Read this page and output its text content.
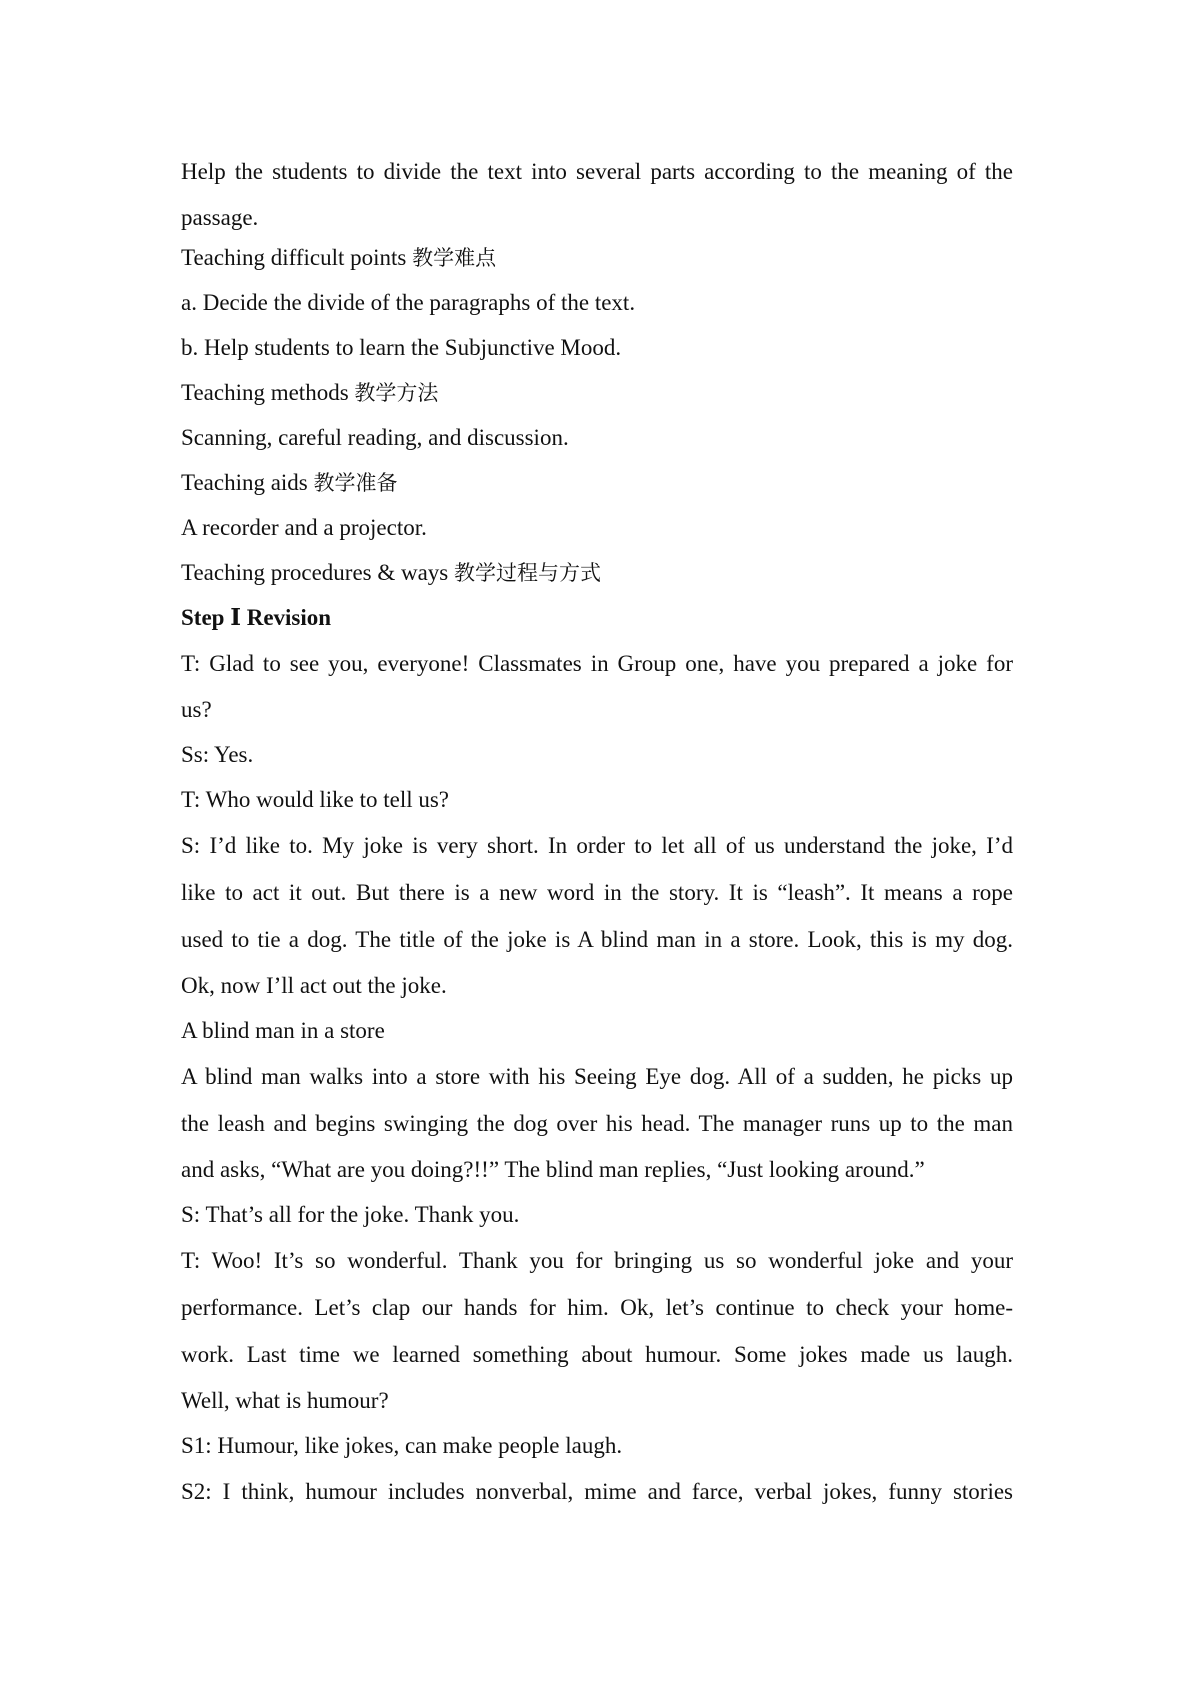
Help the students to divide the text into several parts according to the meaning of the
passage.
Teaching difficult points 教学难点
a. Decide the divide of the paragraphs of the text.
b. Help students to learn the Subjunctive Mood.
Teaching methods 教学方法
Scanning, careful reading, and discussion.
Teaching aids 教学准备
A recorder and a projector.
Teaching procedures & ways 教学过程与方式
Step Ⅰ Revision
T: Glad to see you, everyone! Classmates in Group one, have you prepared a joke for
us?
Ss: Yes.
T: Who would like to tell us?
S: I’d like to. My joke is very short. In order to let all of us understand the joke, I’d
like to act it out. But there is a new word in the story. It is “leash”. It means a rope
used to tie a dog. The title of the joke is A blind man in a store. Look, this is my dog.
Ok, now I’ll act out the joke.
A blind man in a store
A blind man walks into a store with his Seeing Eye dog. All of a sudden, he picks up
the leash and begins swinging the dog over his head. The manager runs up to the man
and asks, “What are you doing?!!” The blind man replies, “Just looking around.”
S: That’s all for the joke. Thank you.
T: Woo! It’s so wonderful. Thank you for bringing us so wonderful joke and your
performance. Let’s clap our hands for him. Ok, let’s continue to check your home-
work. Last time we learned something about humour. Some jokes made us laugh.
Well, what is humour?
S1: Humour, like jokes, can make people laugh.
S2: I think, humour includes nonverbal, mime and farce, verbal jokes, funny stories
